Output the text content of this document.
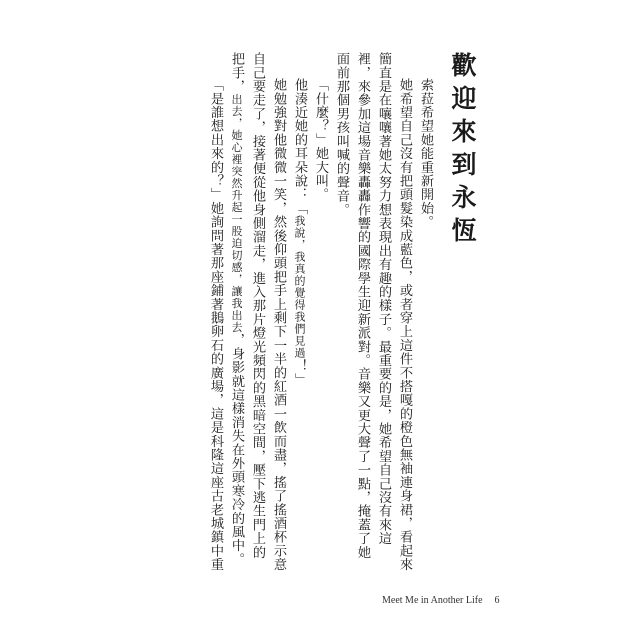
歡迎來到永恆

索菈希望她能重新開始。

她希望自己沒有把頭髮染成藍色，或者穿上這件不搭嘎的橙色無袖連身裙，看起來簡直是在嚷嚷著她太努力想表現出有趣的樣子。最重要的是，她希望自己沒有來這裡，來參加這場音樂轟轟作響的國際學生迎新派對。音樂又更大聲了一點，掩蓋了她面前那個男孩叫喊的聲音。

「什麼？」她大叫。

他湊近她的耳朵說：「我說，我真的覺得我們見過！」

她勉強對他微微一笑，然後仰頭把手上剩下一半的紅酒一飲而盡，搖了搖酒杯示意自己要走了，接著便從他身側溜走，進入那片燈光頻閃的黑暗空間，壓下逃生門上的把手，出去，她心裡突然升起一股迫切感，讓我出去，身影就這樣消失在外頭寒冷的風中。

「是誰想出來的？」她詢問著那座鋪著鵝卵石的廣場，這是科隆這座古老城鎮中重

Meet Me in Another Life 6
